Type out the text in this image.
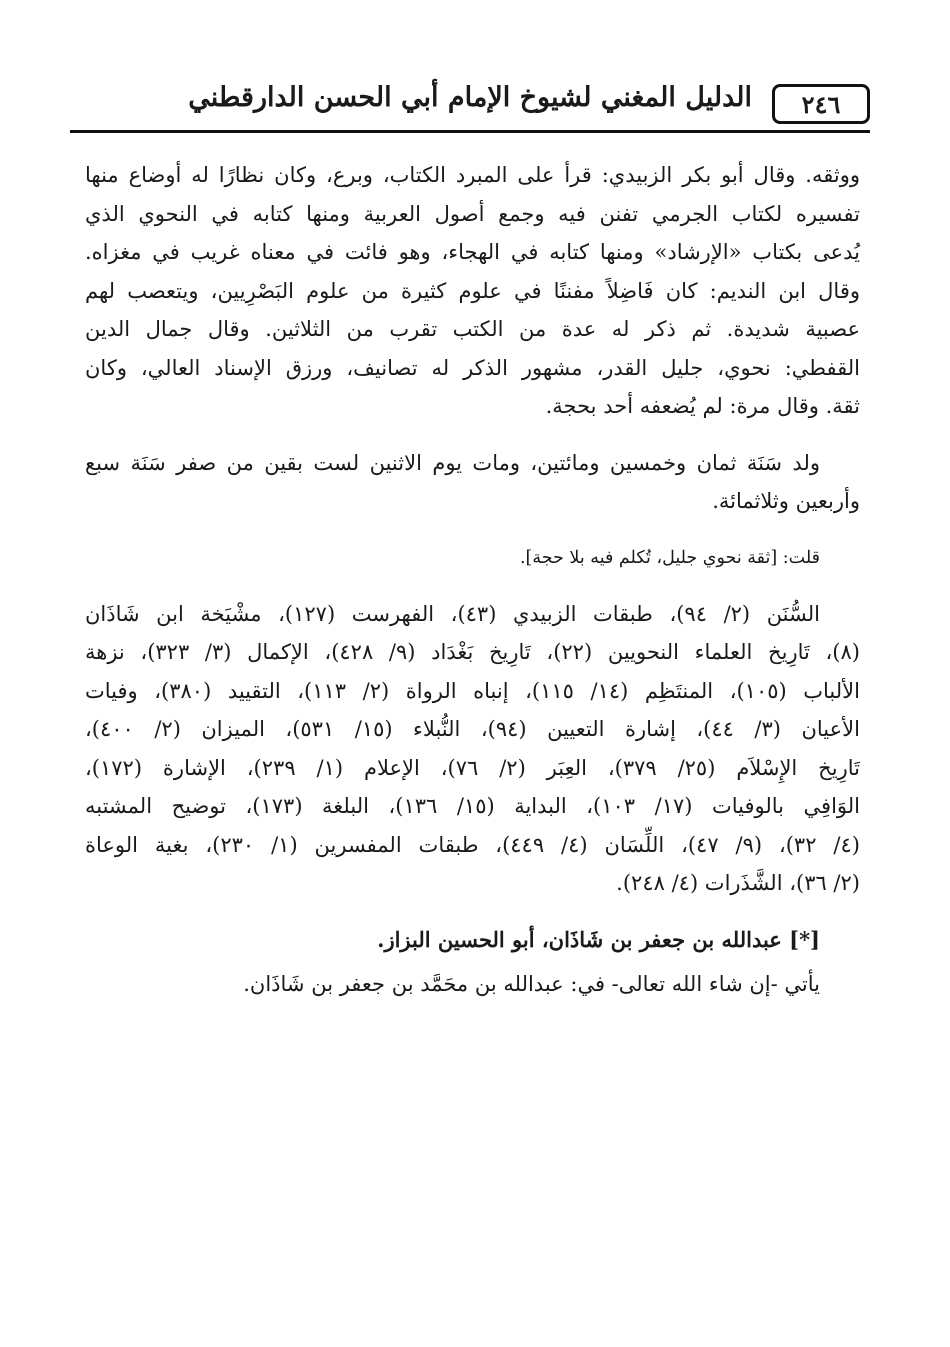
٢٤٦
الدليل المغني لشيوخ الإمام أبي الحسن الدارقطني

ووثقه. وقال أبو بكر الزبيدي: قرأ على المبرد الكتاب، وبرع، وكان نظارًا له أوضاع منها
تفسيره لكتاب الجرمي تفنن فيه وجمع أصول العربية ومنها كتابه في النحوي الذي
يُدعى بكتاب «الإرشاد» ومنها كتابه في الهجاء، وهو فائت في معناه غريب في مغزاه.
وقال ابن النديم: كان فَاضِلاً مفننًا في علوم كثيرة من علوم البَصْرِيين، ويتعصب لهم
عصبية شديدة. ثم ذكر له عدة من الكتب تقرب من الثلاثين. وقال جمال الدين
القفطي: نحوي، جليل القدر، مشهور الذكر له تصانيف، ورزق الإسناد العالي، وكان
ثقة. وقال مرة: لم يُضعفه أحد بحجة.

ولد سَنَة ثمان وخمسين ومائتين، ومات يوم الاثنين لست بقين من صفر سَنَة سبع
وأربعين وثلاثمائة.

قلت: [ثقة نحوي جليل، تُكلم فيه بلا حجة].

السُّنَن (٢/ ٩٤)، طبقات الزبيدي (٤٣)، الفهرست (١٢٧)، مشْيَخة ابن شَاذَان
(٨)، تَارِيخ العلماء النحويين (٢٢)، تَارِيخ بَغْدَاد (٩/ ٤٢٨)، الإكمال (٣/ ٣٢٣)، نزهة
الألباب (١٠٥)، المنتَظِم (١٤/ ١١٥)، إنباه الرواة (٢/ ١١٣)، التقييد (٣٨٠)، وفيات
الأعيان (٣/ ٤٤)، إشارة التعيين (٩٤)، النُّبلاء (١٥/ ٥٣١)، الميزان (٢/ ٤٠٠)،
تَارِيخ الإِسْلاَم (٢٥/ ٣٧٩)، العِبَر (٢/ ٧٦)، الإعلام (١/ ٢٣٩)، الإشارة (١٧٢)،
الوَافِي بالوفيات (١٧/ ١٠٣)، البداية (١٥/ ١٣٦)، البلغة (١٧٣)، توضيح المشتبه
(٤/ ٣٢)، (٩/ ٤٧)، اللِّسَان (٤/ ٤٤٩)، طبقات المفسرين (١/ ٢٣٠)، بغية الوعاة
(٢/ ٣٦)، الشَّذَرات (٤/ ٢٤٨).

[*] عبدالله بن جعفر بن شَاذَان، أبو الحسين البزاز.

يأتي -إن شاء الله تعالى- في: عبدالله بن محَمَّد بن جعفر بن شَاذَان.
